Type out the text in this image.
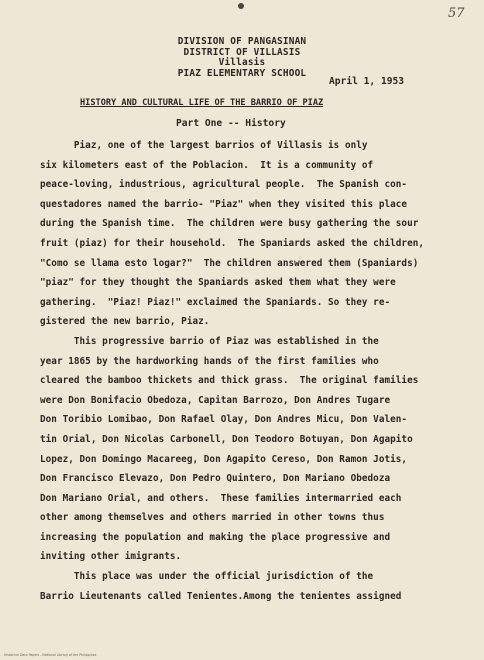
57
DIVISION OF PANGASINAN
DISTRICT OF VILLASIS
Villasis
PIAZ ELEMENTARY SCHOOL
April 1, 1953
HISTORY AND CULTURAL LIFE OF THE BARRIO OF PIAZ
Part One -- History
Piaz, one of the largest barrios of Villasis is only
six kilometers east of the Poblacion.  It is a community of
peace-loving, industrious, agricultural people.  The Spanish con-
questadores named the barrio- "Piaz" when they visited this place
during the Spanish time.  The children were busy gathering the sour
fruit (piaz) for their household.  The Spaniards asked the children,
"Como se llama esto logar?"  The children answered them (Spaniards)
"piaz" for they thought the Spaniards asked them what they were
gathering.  "Piaz! Piaz!" exclaimed the Spaniards. So they re-
gistered the new barrio, Piaz.
This progressive barrio of Piaz was established in the
year 1865 by the hardworking hands of the first families who
cleared the bamboo thickets and thick grass.  The original families
were Don Bonifacio Obedoza, Capitan Barrozo, Don Andres Tugare
Don Toribio Lomibao, Don Rafael Olay, Don Andres Micu, Don Valen-
tin Orial, Don Nicolas Carbonell, Don Teodoro Botuyan, Don Agapito
Lopez, Don Domingo Macareeg, Don Agapito Cereso, Don Ramon Jotis,
Don Francisco Elevazo, Don Pedro Quintero, Don Mariano Obedoza
Don Mariano Orial, and others.  These families intermarried each
other among themselves and others married in other towns thus
increasing the population and making the place progressive and
inviting other imigrants.
This place was under the official jurisdiction of the
Barrio Lieutenants called Tenientes.Among the tenientes assigned
Historical Data Papers - National Library of the Philippines
